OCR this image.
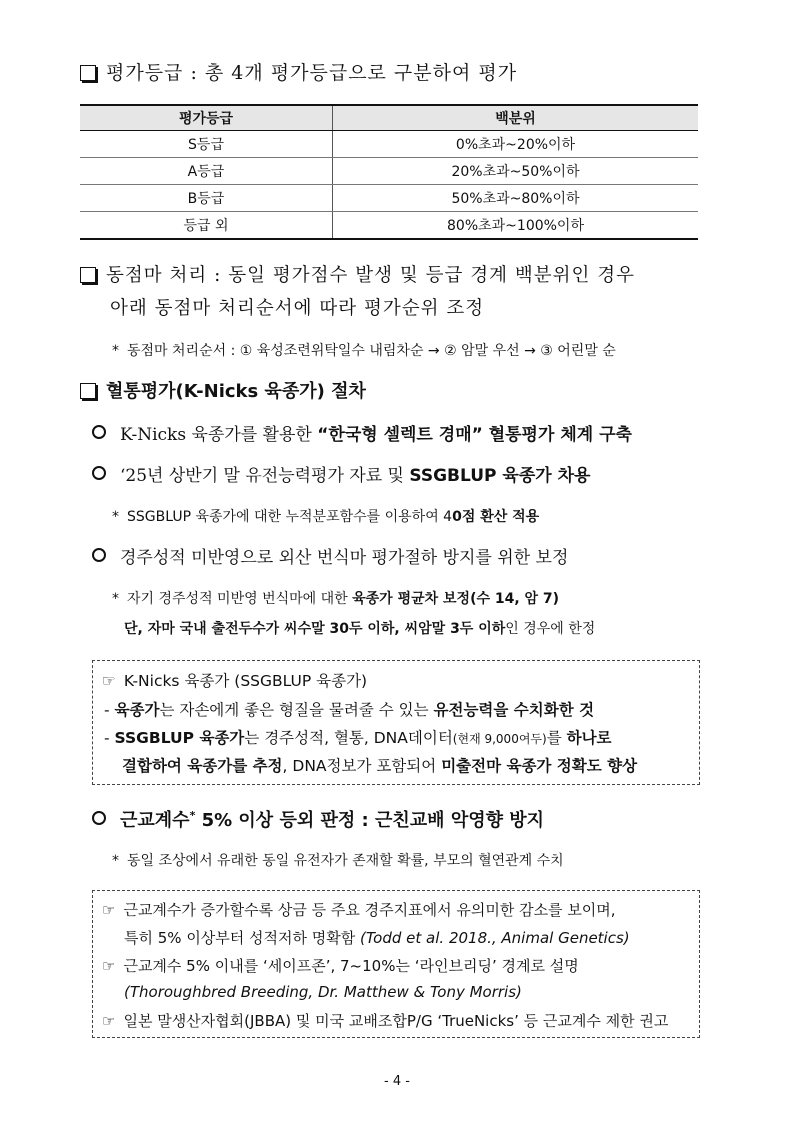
평가등급 : 총 4개 평가등급으로 구분하여 평가
평가등급	백분위
S등급	0%초과~20%이하
A등급	20%초과~50%이하
B등급	50%초과~80%이하
등급 외	80%초과~100%이하
동점마 처리 : 동일 평가점수 발생 및 등급 경계 백분위인 경우
아래 동점마 처리순서에 따라 평가순위 조정
* 동점마 처리순서 : ① 육성조련위탁일수 내림차순 → ② 암말 우선 → ③ 어린말 순
혈통평가(K-Nicks 육종가) 절차
K-Nicks 육종가를 활용한 “한국형 셀렉트 경매” 혈통평가 체계 구축
‘25년 상반기 말 유전능력평가 자료 및 SSGBLUP 육종가 차용
* SSGBLUP 육종가에 대한 누적분포함수를 이용하여 40점 환산 적용
경주성적 미반영으로 외산 번식마 평가절하 방지를 위한 보정
* 자기 경주성적 미반영 번식마에 대한 육종가 평균차 보정(수 14, 암 7)
단, 자마 국내 출전두수가 씨수말 30두 이하, 씨암말 3두 이하인 경우에 한정
☞ K-Nicks 육종가 (SSGBLUP 육종가)
- 육종가는 자손에게 좋은 형질을 물려줄 수 있는 유전능력을 수치화한 것
- SSGBLUP 육종가는 경주성적, 혈통, DNA데이터(현재 9,000여두)를 하나로
결합하여 육종가를 추정, DNA정보가 포함되어 미출전마 육종가 정확도 향상
근교계수* 5% 이상 등외 판정 : 근친교배 악영향 방지
* 동일 조상에서 유래한 동일 유전자가 존재할 확률, 부모의 혈연관계 수치
☞ 근교계수가 증가할수록 상금 등 주요 경주지표에서 유의미한 감소를 보이며,
특히 5% 이상부터 성적저하 명확함 (Todd et al. 2018., Animal Genetics)
☞ 근교계수 5% 이내를 ‘세이프존’, 7~10%는 ‘라인브리딩’ 경계로 설명
(Thoroughbred Breeding, Dr. Matthew & Tony Morris)
☞ 일본 말생산자협회(JBBA) 및 미국 교배조합P/G ‘TrueNicks’ 등 근교계수 제한 권고
- 4 -
